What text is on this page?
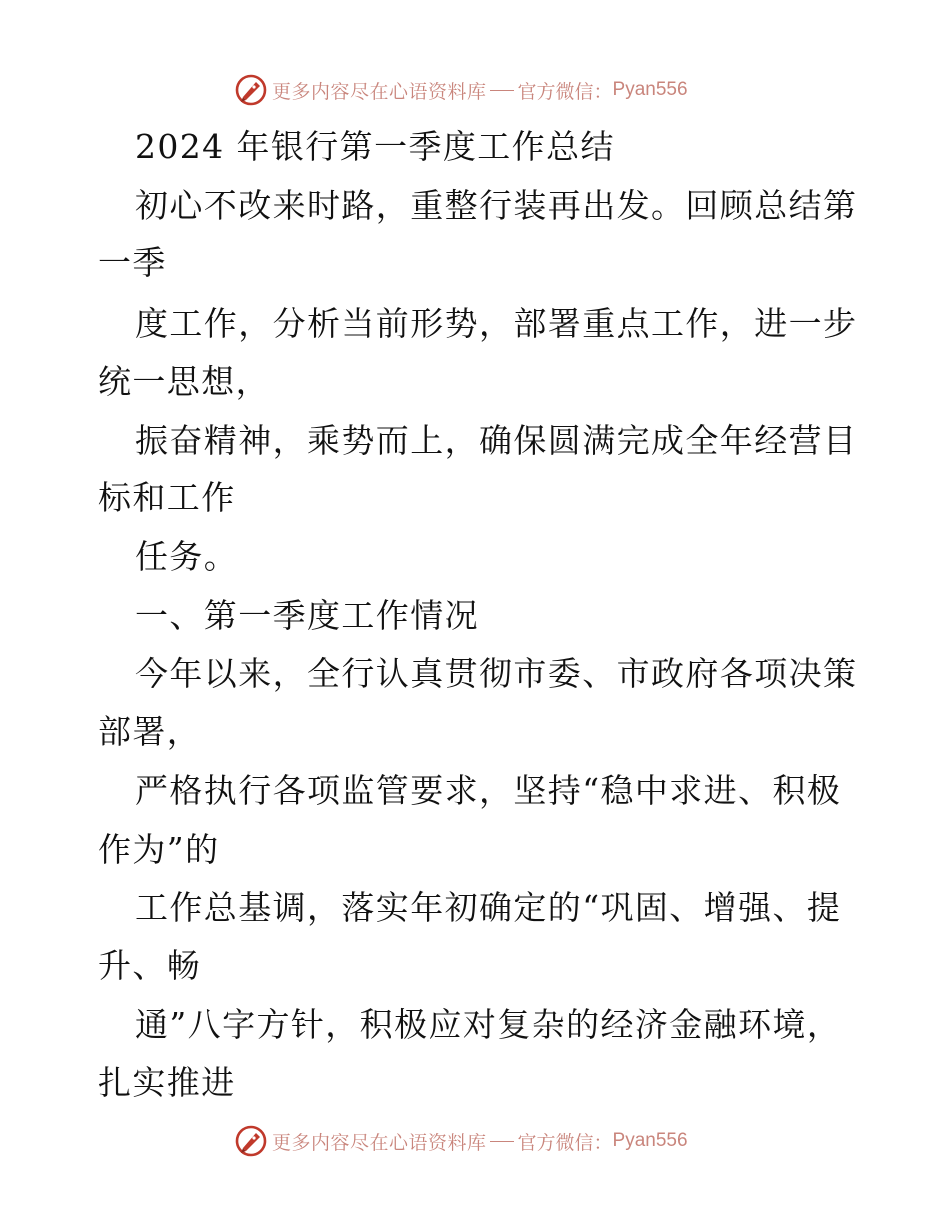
更多内容尽在心语资料库 官方微信： Pyan556
2024 年银行第一季度工作总结
初心不改来时路，重整行装再出发。回顾总结第
一季
度工作，分析当前形势，部署重点工作，进一步
统一思想，
振奋精神，乘势而上，确保圆满完成全年经营目
标和工作
任务。
一、第一季度工作情况
今年以来，全行认真贯彻市委、市政府各项决策
部署，
严格执行各项监管要求，坚持“稳中求进、积极
作为”的
工作总基调，落实年初确定的“巩固、增强、提
升、畅
通”八字方针，积极应对复杂的经济金融环境，
扎实推进
更多内容尽在心语资料库 官方微信： Pyan556
